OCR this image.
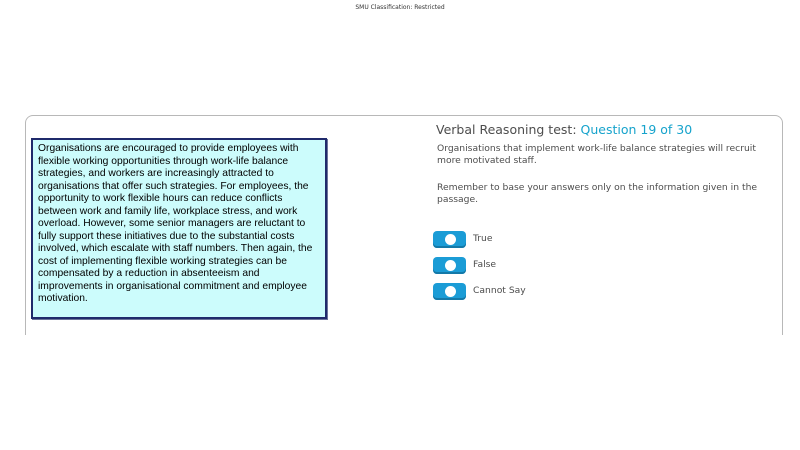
SMU Classification: Restricted
Organisations are encouraged to provide employees with flexible working opportunities through work-life balance strategies, and workers are increasingly attracted to organisations that offer such strategies. For employees, the opportunity to work flexible hours can reduce conflicts between work and family life, workplace stress, and work overload. However, some senior managers are reluctant to fully support these initiatives due to the substantial costs involved, which escalate with staff numbers. Then again, the cost of implementing flexible working strategies can be compensated by a reduction in absenteeism and improvements in organisational commitment and employee motivation.
Verbal Reasoning test: Question 19 of 30
Organisations that implement work-life balance strategies will recruit more motivated staff.
Remember to base your answers only on the information given in the passage.
True
False
Cannot Say
